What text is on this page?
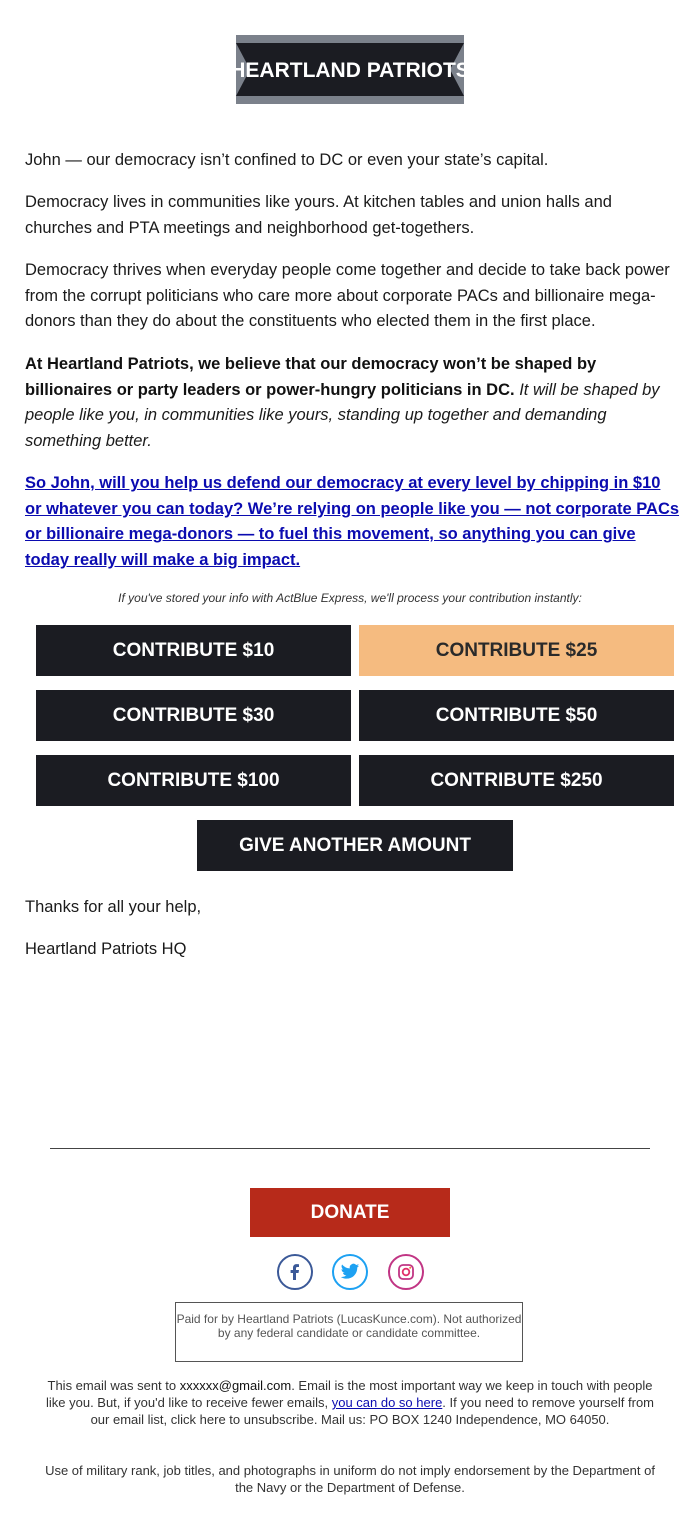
HEARTLAND PATRIOTS

John — our democracy isn’t confined to DC or even your state’s capital.

Democracy lives in communities like yours. At kitchen tables and union halls and churches and PTA meetings and neighborhood get-togethers.

Democracy thrives when everyday people come together and decide to take back power from the corrupt politicians who care more about corporate PACs and billionaire mega-donors than they do about the constituents who elected them in the first place.

At Heartland Patriots, we believe that our democracy won’t be shaped by billionaires or party leaders or power-hungry politicians in DC. It will be shaped by people like you, in communities like yours, standing up together and demanding something better.

So John, will you help us defend our democracy at every level by chipping in $10 or whatever you can today? We’re relying on people like you — not corporate PACs or billionaire mega-donors — to fuel this movement, so anything you can give today really will make a big impact.

If you've stored your info with ActBlue Express, we'll process your contribution instantly:
CONTRIBUTE $10	CONTRIBUTE $25
CONTRIBUTE $30	CONTRIBUTE $50
CONTRIBUTE $100	CONTRIBUTE $250
GIVE ANOTHER AMOUNT

Thanks for all your help,

Heartland Patriots HQ

DONATE
Paid for by Heartland Patriots (LucasKunce.com). Not authorized by any federal candidate or candidate committee.
This email was sent to xxxxxx@gmail.com. Email is the most important way we keep in touch with people like you. But, if you'd like to receive fewer emails, you can do so here. If you need to remove yourself from our email list, click here to unsubscribe. Mail us: PO BOX 1240 Independence, MO 64050.
Use of military rank, job titles, and photographs in uniform do not imply endorsement by the Department of the Navy or the Department of Defense.
